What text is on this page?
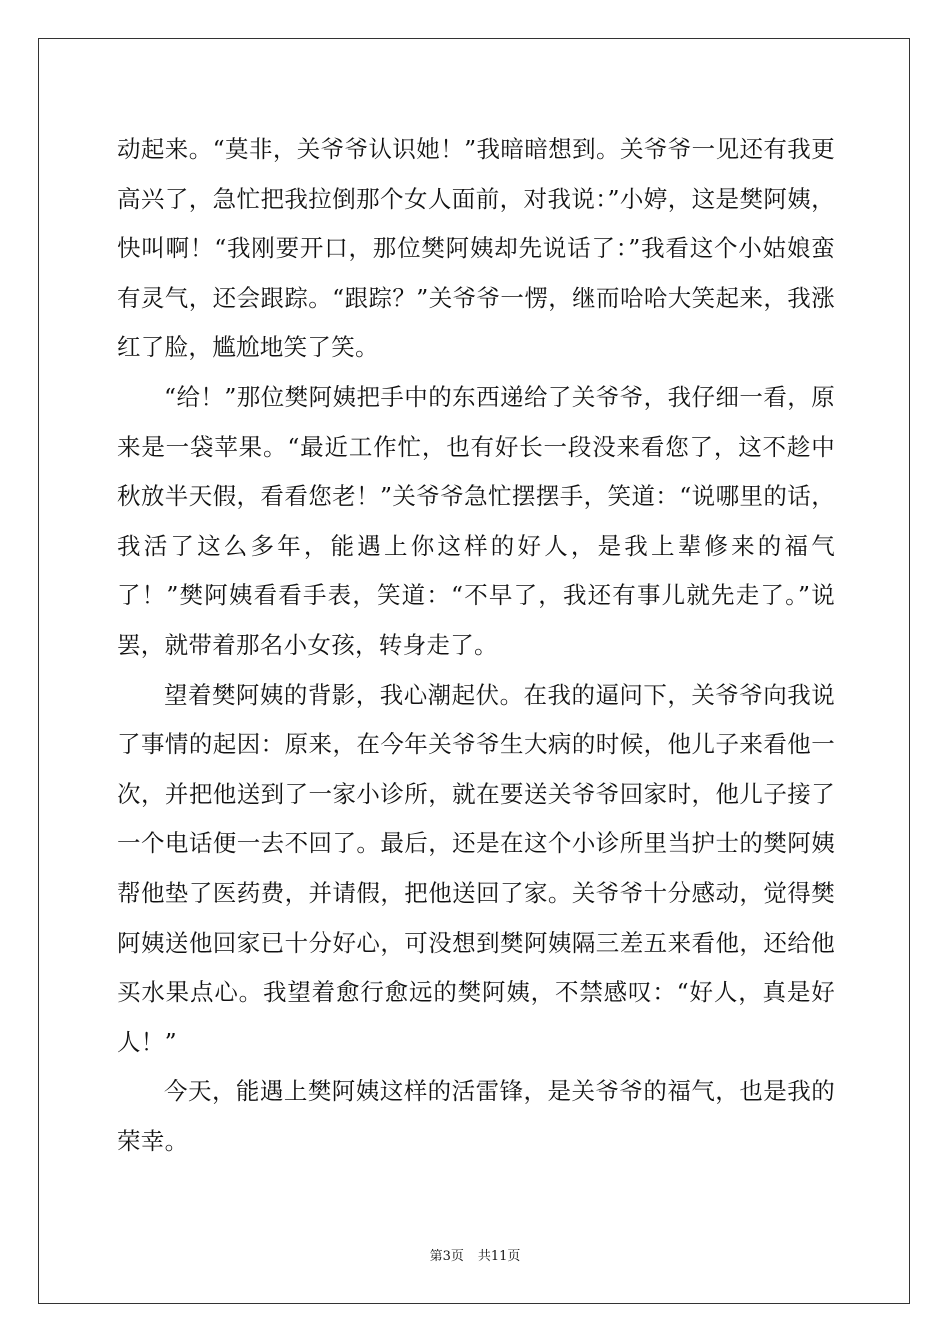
动起来。“莫非，关爷爷认识她！”我暗暗想到。关爷爷一见还有我更高兴了，急忙把我拉倒那个女人面前，对我说：”小婷，这是樊阿姨，快叫啊！“我刚要开口，那位樊阿姨却先说话了：”我看这个小姑娘蛮有灵气，还会跟踪。“跟踪？”关爷爷一愣，继而哈哈大笑起来，我涨红了脸，尴尬地笑了笑。

“给！”那位樊阿姨把手中的东西递给了关爷爷，我仔细一看，原来是一袋苹果。“最近工作忙，也有好长一段没来看您了，这不趁中秋放半天假，看看您老！”关爷爷急忙摆摆手，笑道：“说哪里的话，我活了这么多年，能遇上你这样的好人，是我上辈修来的福气了！”樊阿姨看看手表，笑道：“不早了，我还有事儿就先走了。”说罢，就带着那名小女孩，转身走了。

望着樊阿姨的背影，我心潮起伏。在我的逼问下，关爷爷向我说了事情的起因：原来，在今年关爷爷生大病的时候，他儿子来看他一次，并把他送到了一家小诊所，就在要送关爷爷回家时，他儿子接了一个电话便一去不回了。最后，还是在这个小诊所里当护士的樊阿姨帮他垫了医药费，并请假，把他送回了家。关爷爷十分感动，觉得樊阿姨送他回家已十分好心，可没想到樊阿姨隔三差五来看他，还给他买水果点心。我望着愈行愈远的樊阿姨，不禁感叹：“好人，真是好人！”

今天，能遇上樊阿姨这样的活雷锋，是关爷爷的福气，也是我的荣幸。

第3页 共11页
